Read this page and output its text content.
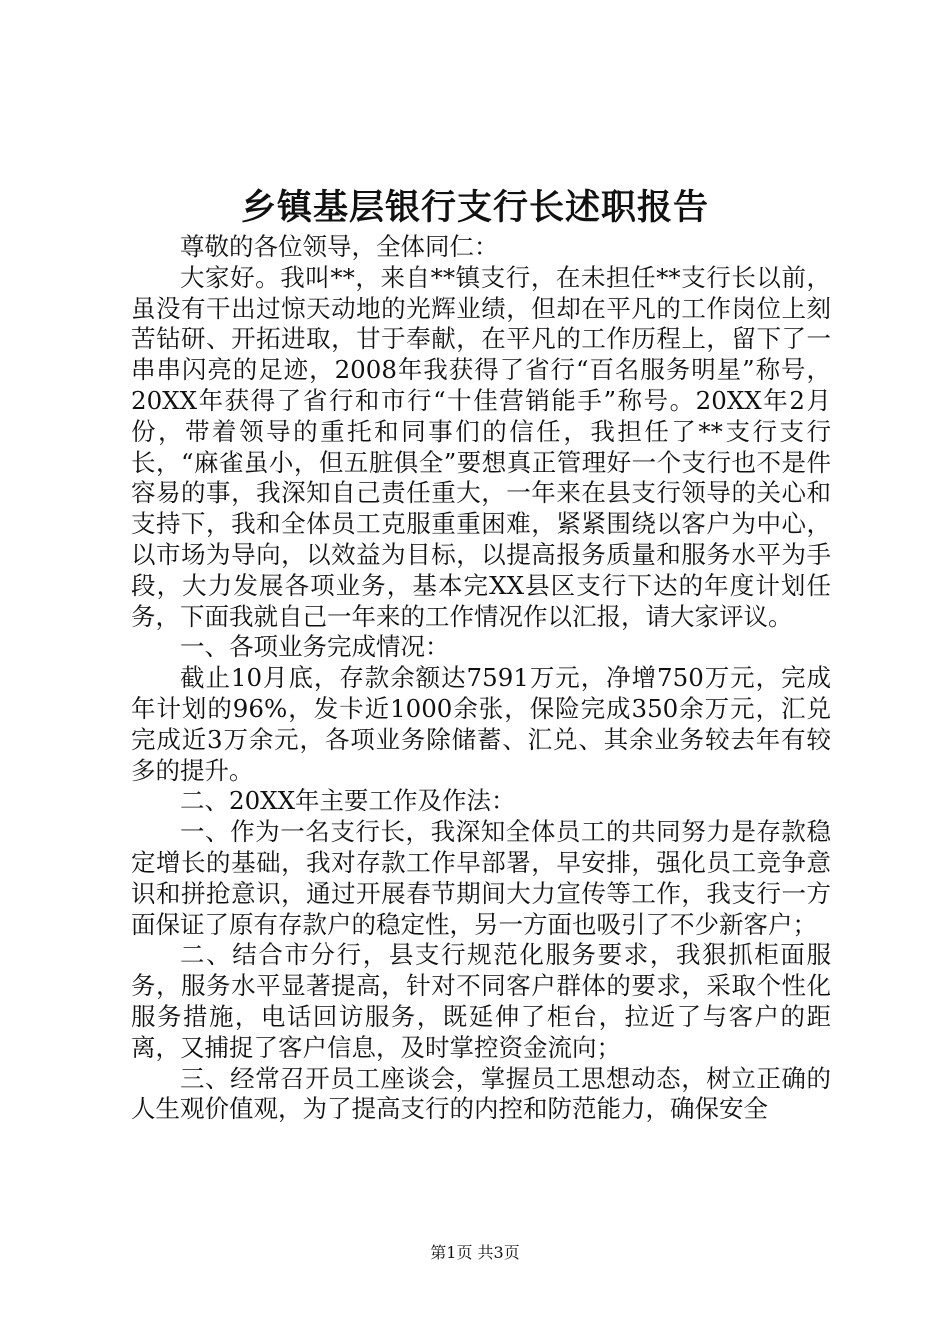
乡镇基层银行支行长述职报告

尊敬的各位领导，全体同仁：

大家好。我叫**，来自**镇支行，在未担任**支行长以前，虽没有干出过惊天动地的光辉业绩，但却在平凡的工作岗位上刻苦钻研、开拓进取，甘于奉献，在平凡的工作历程上，留下了一串串闪亮的足迹，2008年我获得了省行“百名服务明星”称号，20XX年获得了省行和市行“十佳营销能手”称号。20XX年2月份，带着领导的重托和同事们的信任，我担任了**支行支行长，“麻雀虽小，但五脏俱全”要想真正管理好一个支行也不是件容易的事，我深知自己责任重大，一年来在县支行领导的关心和支持下，我和全体员工克服重重困难，紧紧围绕以客户为中心，以市场为导向，以效益为目标，以提高报务质量和服务水平为手段，大力发展各项业务，基本完XX县区支行下达的年度计划任务，下面我就自己一年来的工作情况作以汇报，请大家评议。

一、各项业务完成情况：

截止10月底，存款余额达7591万元，净增750万元，完成年计划的96%，发卡近1000余张，保险完成350余万元，汇兑完成近3万余元，各项业务除储蓄、汇兑、其余业务较去年有较多的提升。

二、20XX年主要工作及作法：

一、作为一名支行长，我深知全体员工的共同努力是存款稳定增长的基础，我对存款工作早部署，早安排，强化员工竞争意识和拼抢意识，通过开展春节期间大力宣传等工作，我支行一方面保证了原有存款户的稳定性，另一方面也吸引了不少新客户；

二、结合市分行，县支行规范化服务要求，我狠抓柜面服务，服务水平显著提高，针对不同客户群体的要求，采取个性化服务措施，电话回访服务，既延伸了柜台，拉近了与客户的距离，又捕捉了客户信息，及时掌控资金流向；

三、经常召开员工座谈会，掌握员工思想动态，树立正确的人生观价值观，为了提高支行的内控和防范能力，确保安全

第1页 共3页
